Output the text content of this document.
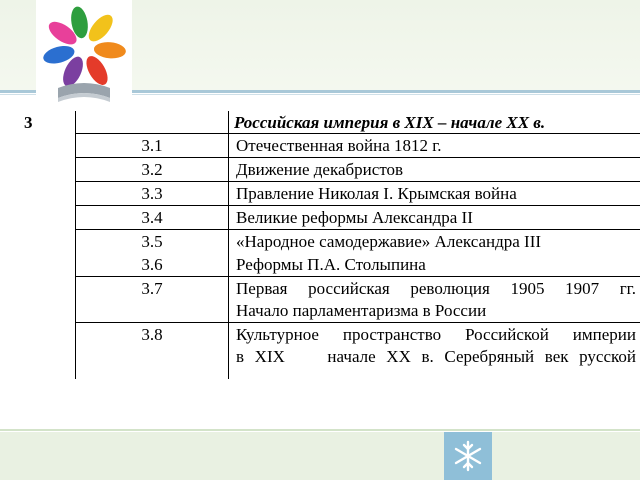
3	Российская империя в XIX – начале XX в.
3.1	Отечественная война 1812 г.
3.2	Движение декабристов
3.3	Правление Николая I. Крымская война
3.4	Великие реформы Александра II
3.5	«Народное самодержавие» Александра III
3.6	Реформы П.А. Столыпина
3.7	Первая российская революция 1905 1907 гг.
Начало парламентаризма в России
3.8	Культурное пространство Российской империи
в XIX    начале XX в. Серебряный век русской
